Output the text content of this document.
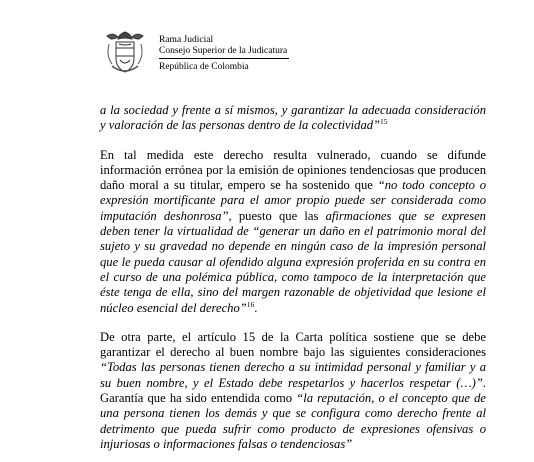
Rama Judicial
Consejo Superior de la Judicatura
República de Colombia

a la sociedad y frente a sí mismos, y garantizar la adecuada consideración y valoración de las personas dentro de la colectividad”$^{15}$

En tal medida este derecho resulta vulnerado, cuando se difunde información errónea por la emisión de opiniones tendenciosas que producen daño moral a su titular, empero se ha sostenido que “no todo concepto o expresión mortificante para el amor propio puede ser considerada como imputación deshonrosa”, puesto que las afirmaciones que se expresen deben tener la virtualidad de “generar un daño en el patrimonio moral del sujeto y su gravedad no depende en ningún caso de la impresión personal que le pueda causar al ofendido alguna expresión proferida en su contra en el curso de una polémica pública, como tampoco de la interpretación que éste tenga de ella, sino del margen razonable de objetividad que lesione el núcleo esencial del derecho”$^{16}$.

De otra parte, el artículo 15 de la Carta política sostiene que se debe garantizar el derecho al buen nombre bajo las siguientes consideraciones “Todas las personas tienen derecho a su intimidad personal y familiar y a su buen nombre, y el Estado debe respetarlos y hacerlos respetar (…)”. Garantía que ha sido entendida como “la reputación, o el concepto que de una persona tienen los demás y que se configura como derecho frente al detrimento que pueda sufrir como producto de expresiones ofensivas o injuriosas o informaciones falsas o tendenciosas”
